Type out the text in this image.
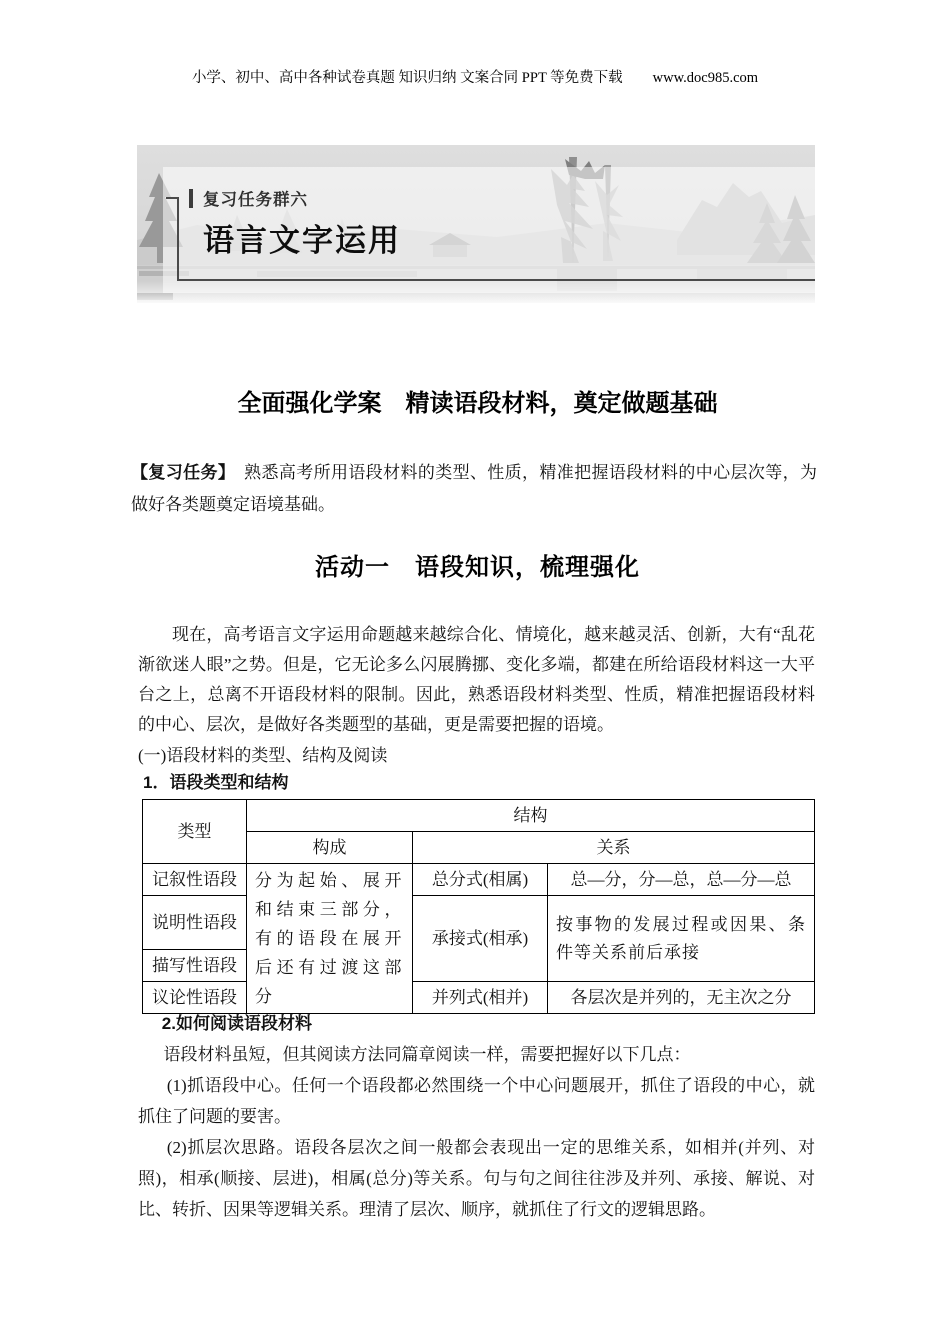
小学、初中、高中各种试卷真题 知识归纳 文案合同 PPT 等免费下载 www.doc985.com
复习任务群六
语言文字运用
全面强化学案　精读语段材料，奠定做题基础
【复习任务】　熟悉高考所用语段材料的类型、性质，精准把握语段材料的中心层次等，为做好各类题奠定语境基础。
活动一　语段知识，梳理强化

现在，高考语言文字运用命题越来越综合化、情境化，越来越灵活、创新，大有“乱花渐欲迷人眼”之势。但是，它无论多么闪展腾挪、变化多端，都建在所给语段材料这一大平台之上，总离不开语段材料的限制。因此，熟悉语段材料类型、性质，精准把握语段材料的中心、层次，是做好各类题型的基础，更是需要把握的语境。

(一)语段材料的类型、结构及阅读
1．语段类型和结构
类型	结构		
	构成	关系	
记叙性语段	分为起始、展开和结束三部分，有的语段在展开后还有过渡这部分	总分式(相属)	总—分，分—总，总—分—总
说明性语段		承接式(相承)	按事物的发展过程或因果、条件等关系前后承接
描写性语段			
议论性语段		并列式(相并)	各层次是并列的，无主次之分

2.如何阅读语段材料

语段材料虽短，但其阅读方法同篇章阅读一样，需要把握好以下几点：

(1)抓语段中心。任何一个语段都必然围绕一个中心问题展开，抓住了语段的中心，就抓住了问题的要害。

(2)抓层次思路。语段各层次之间一般都会表现出一定的思维关系，如相并(并列、对照)，相承(顺接、层进)，相属(总分)等关系。句与句之间往往涉及并列、承接、解说、对比、转折、因果等逻辑关系。理清了层次、顺序，就抓住了行文的逻辑思路。
